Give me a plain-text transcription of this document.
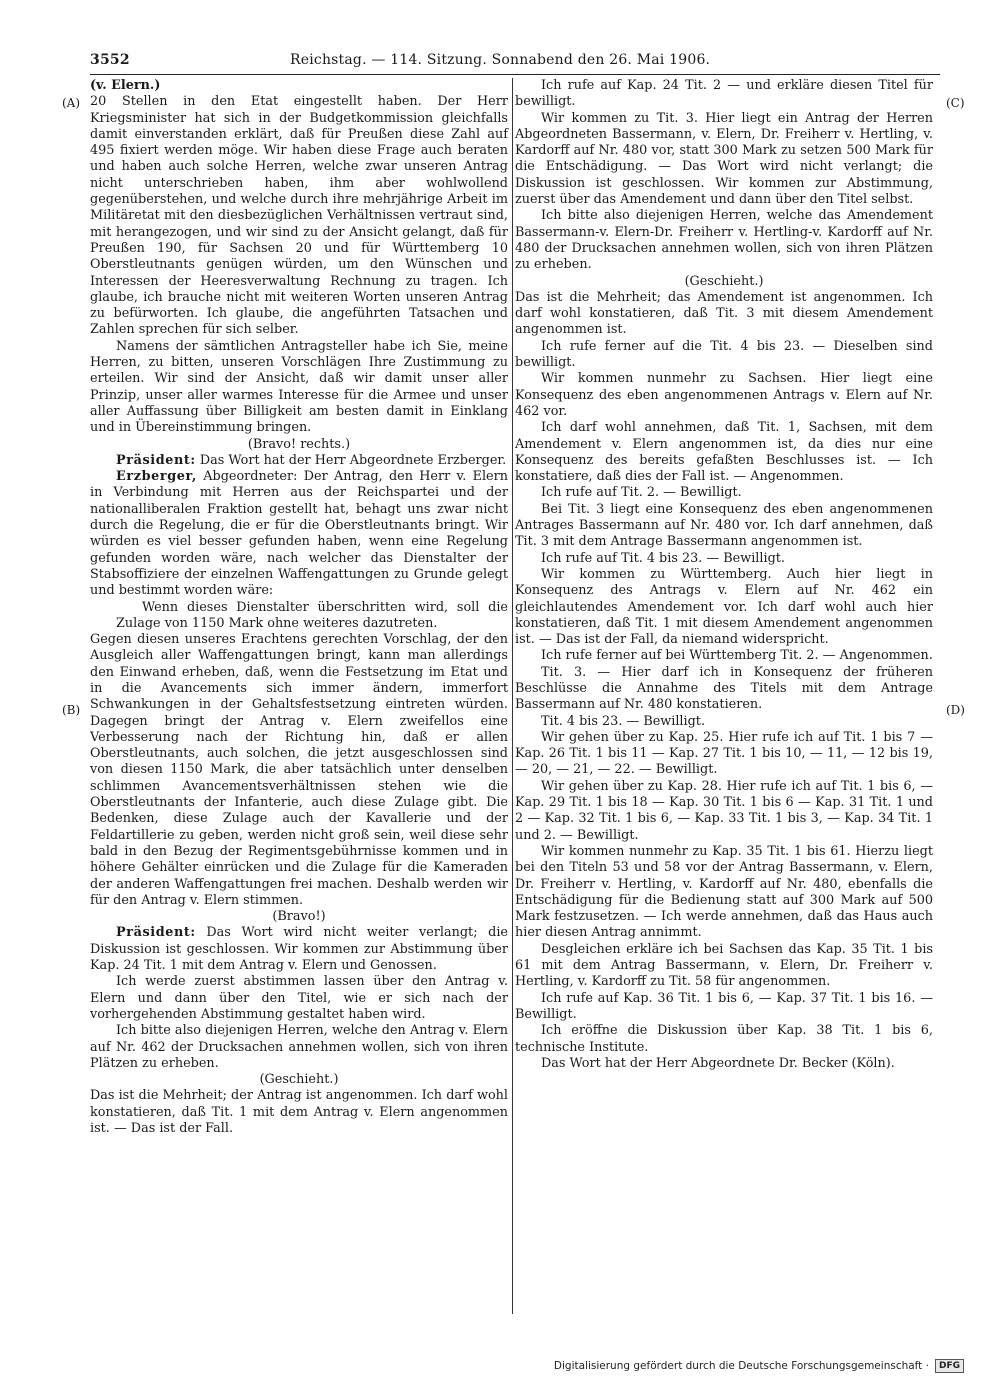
3552	Reichstag. — 114. Sitzung. Sonnabend den 26. Mai 1906.
(A)
(B)
(C)
(D)

(v. Elern.)

20 Stellen in den Etat eingestellt haben. Der Herr Kriegsminister hat sich in der Budgetkommission gleichfalls damit einverstanden erklärt, daß für Preußen diese Zahl auf 495 fixiert werden möge. Wir haben diese Frage auch beraten und haben auch solche Herren, welche zwar unseren Antrag nicht unterschrieben haben, ihm aber wohlwollend gegenüberstehen, und welche durch ihre mehrjährige Arbeit im Militäretat mit den diesbezüglichen Verhältnissen vertraut sind, mit herangezogen, und wir sind zu der Ansicht gelangt, daß für Preußen 190, für Sachsen 20 und für Württemberg 10 Oberstleutnants genügen würden, um den Wünschen und Interessen der Heeresverwaltung Rechnung zu tragen. Ich glaube, ich brauche nicht mit weiteren Worten unseren Antrag zu befürworten. Ich glaube, die angeführten Tatsachen und Zahlen sprechen für sich selber.

Namens der sämtlichen Antragsteller habe ich Sie, meine Herren, zu bitten, unseren Vorschlägen Ihre Zustimmung zu erteilen. Wir sind der Ansicht, daß wir damit unser aller Prinzip, unser aller warmes Interesse für die Armee und unser aller Auffassung über Billigkeit am besten damit in Einklang und in Übereinstimmung bringen.

(Bravo! rechts.)

Präsident: Das Wort hat der Herr Abgeordnete Erzberger.

Erzberger, Abgeordneter: Der Antrag, den Herr v. Elern in Verbindung mit Herren aus der Reichspartei und der nationalliberalen Fraktion gestellt hat, behagt uns zwar nicht durch die Regelung, die er für die Oberstleutnants bringt. Wir würden es viel besser gefunden haben, wenn eine Regelung gefunden worden wäre, nach welcher das Dienstalter der Stabsoffiziere der einzelnen Waffengattungen zu Grunde gelegt und bestimmt worden wäre:

Wenn dieses Dienstalter überschritten wird, soll die Zulage von 1150 Mark ohne weiteres dazutreten.

Gegen diesen unseres Erachtens gerechten Vorschlag, der den Ausgleich aller Waffengattungen bringt, kann man allerdings den Einwand erheben, daß, wenn die Festsetzung im Etat und in die Avancements sich immer ändern, immerfort Schwankungen in der Gehaltsfestsetzung eintreten würden. Dagegen bringt der Antrag v. Elern zweifellos eine Verbesserung nach der Richtung hin, daß er allen Oberstleutnants, auch solchen, die jetzt ausgeschlossen sind von diesen 1150 Mark, die aber tatsächlich unter denselben schlimmen Avancementsverhältnissen stehen wie die Oberstleutnants der Infanterie, auch diese Zulage gibt. Die Bedenken, diese Zulage auch der Kavallerie und der Feldartillerie zu geben, werden nicht groß sein, weil diese sehr bald in den Bezug der Regimentsgebührnisse kommen und in höhere Gehälter einrücken und die Zulage für die Kameraden der anderen Waffengattungen frei machen. Deshalb werden wir für den Antrag v. Elern stimmen.

(Bravo!)

Präsident: Das Wort wird nicht weiter verlangt; die Diskussion ist geschlossen. Wir kommen zur Abstimmung über Kap. 24 Tit. 1 mit dem Antrag v. Elern und Genossen.

Ich werde zuerst abstimmen lassen über den Antrag v. Elern und dann über den Titel, wie er sich nach der vorhergehenden Abstimmung gestaltet haben wird.

Ich bitte also diejenigen Herren, welche den Antrag v. Elern auf Nr. 462 der Drucksachen annehmen wollen, sich von ihren Plätzen zu erheben.

(Geschieht.)

Das ist die Mehrheit; der Antrag ist angenommen. Ich darf wohl konstatieren, daß Tit. 1 mit dem Antrag v. Elern angenommen ist. — Das ist der Fall.

Ich rufe auf Kap. 24 Tit. 2 — und erkläre diesen Titel für bewilligt.

Wir kommen zu Tit. 3. Hier liegt ein Antrag der Herren Abgeordneten Bassermann, v. Elern, Dr. Freiherr v. Hertling, v. Kardorff auf Nr. 480 vor, statt 300 Mark zu setzen 500 Mark für die Entschädigung. — Das Wort wird nicht verlangt; die Diskussion ist geschlossen. Wir kommen zur Abstimmung, zuerst über das Amendement und dann über den Titel selbst.

Ich bitte also diejenigen Herren, welche das Amendement Bassermann-v. Elern-Dr. Freiherr v. Hertling-v. Kardorff auf Nr. 480 der Drucksachen annehmen wollen, sich von ihren Plätzen zu erheben.

(Geschieht.)

Das ist die Mehrheit; das Amendement ist angenommen. Ich darf wohl konstatieren, daß Tit. 3 mit diesem Amendement angenommen ist.

Ich rufe ferner auf die Tit. 4 bis 23. — Dieselben sind bewilligt.

Wir kommen nunmehr zu Sachsen. Hier liegt eine Konsequenz des eben angenommenen Antrags v. Elern auf Nr. 462 vor.

Ich darf wohl annehmen, daß Tit. 1, Sachsen, mit dem Amendement v. Elern angenommen ist, da dies nur eine Konsequenz des bereits gefaßten Beschlusses ist. — Ich konstatiere, daß dies der Fall ist. — Angenommen.

Ich rufe auf Tit. 2. — Bewilligt.

Bei Tit. 3 liegt eine Konsequenz des eben angenommenen Antrages Bassermann auf Nr. 480 vor. Ich darf annehmen, daß Tit. 3 mit dem Antrage Bassermann angenommen ist.

Ich rufe auf Tit. 4 bis 23. — Bewilligt.

Wir kommen zu Württemberg. Auch hier liegt in Konsequenz des Antrags v. Elern auf Nr. 462 ein gleichlautendes Amendement vor. Ich darf wohl auch hier konstatieren, daß Tit. 1 mit diesem Amendement angenommen ist. — Das ist der Fall, da niemand widerspricht.

Ich rufe ferner auf bei Württemberg Tit. 2. — Angenommen.

Tit. 3. — Hier darf ich in Konsequenz der früheren Beschlüsse die Annahme des Titels mit dem Antrage Bassermann auf Nr. 480 konstatieren.

Tit. 4 bis 23. — Bewilligt.

Wir gehen über zu Kap. 25. Hier rufe ich auf Tit. 1 bis 7 — Kap. 26 Tit. 1 bis 11 — Kap. 27 Tit. 1 bis 10, — 11, — 12 bis 19, — 20, — 21, — 22. — Bewilligt.

Wir gehen über zu Kap. 28. Hier rufe ich auf Tit. 1 bis 6, — Kap. 29 Tit. 1 bis 18 — Kap. 30 Tit. 1 bis 6 — Kap. 31 Tit. 1 und 2 — Kap. 32 Tit. 1 bis 6, — Kap. 33 Tit. 1 bis 3, — Kap. 34 Tit. 1 und 2. — Bewilligt.

Wir kommen nunmehr zu Kap. 35 Tit. 1 bis 61. Hierzu liegt bei den Titeln 53 und 58 vor der Antrag Bassermann, v. Elern, Dr. Freiherr v. Hertling, v. Kardorff auf Nr. 480, ebenfalls die Entschädigung für die Bedienung statt auf 300 Mark auf 500 Mark festzusetzen. — Ich werde annehmen, daß das Haus auch hier diesen Antrag annimmt.

Desgleichen erkläre ich bei Sachsen das Kap. 35 Tit. 1 bis 61 mit dem Antrag Bassermann, v. Elern, Dr. Freiherr v. Hertling, v. Kardorff zu Tit. 58 für angenommen.

Ich rufe auf Kap. 36 Tit. 1 bis 6, — Kap. 37 Tit. 1 bis 16. — Bewilligt.

Ich eröffne die Diskussion über Kap. 38 Tit. 1 bis 6, technische Institute.

Das Wort hat der Herr Abgeordnete Dr. Becker (Köln).

Digitalisierung gefördert durch die Deutsche Forschungsgemeinschaft ·	DFG
